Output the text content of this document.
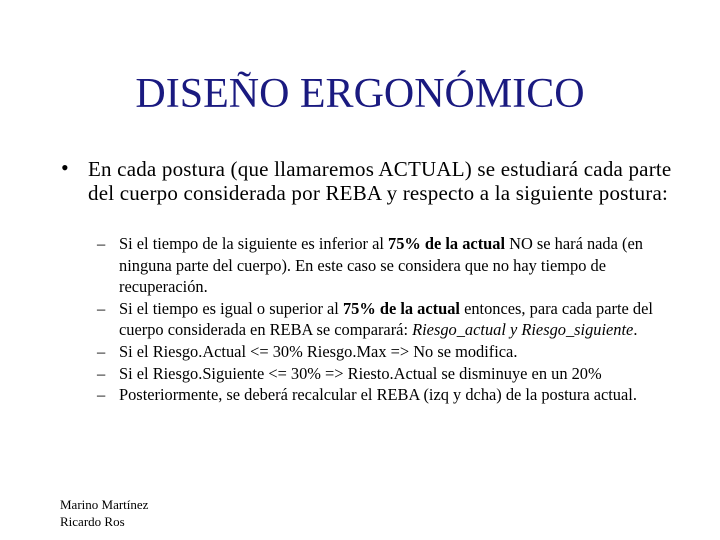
DISEÑO ERGONÓMICO
• En cada postura (que llamaremos ACTUAL) se estudiará cada parte del cuerpo considerada por REBA y respecto a la siguiente postura:
– Si el tiempo de la siguiente es inferior al 75% de la actual NO se hará nada (en ninguna parte del cuerpo). En este caso se considera que no hay tiempo de recuperación.
– Si el tiempo es igual o superior al 75% de la actual entonces, para cada parte del cuerpo considerada en REBA se comparará: Riesgo_actual y Riesgo_siguiente.
– Si el Riesgo.Actual <= 30% Riesgo.Max => No se modifica.
– Si el Riesgo.Siguiente <= 30% => Riesto.Actual se disminuye en un 20%
– Posteriormente, se deberá recalcular el REBA (izq y dcha) de la postura actual.
Marino Martínez
Ricardo Ros
